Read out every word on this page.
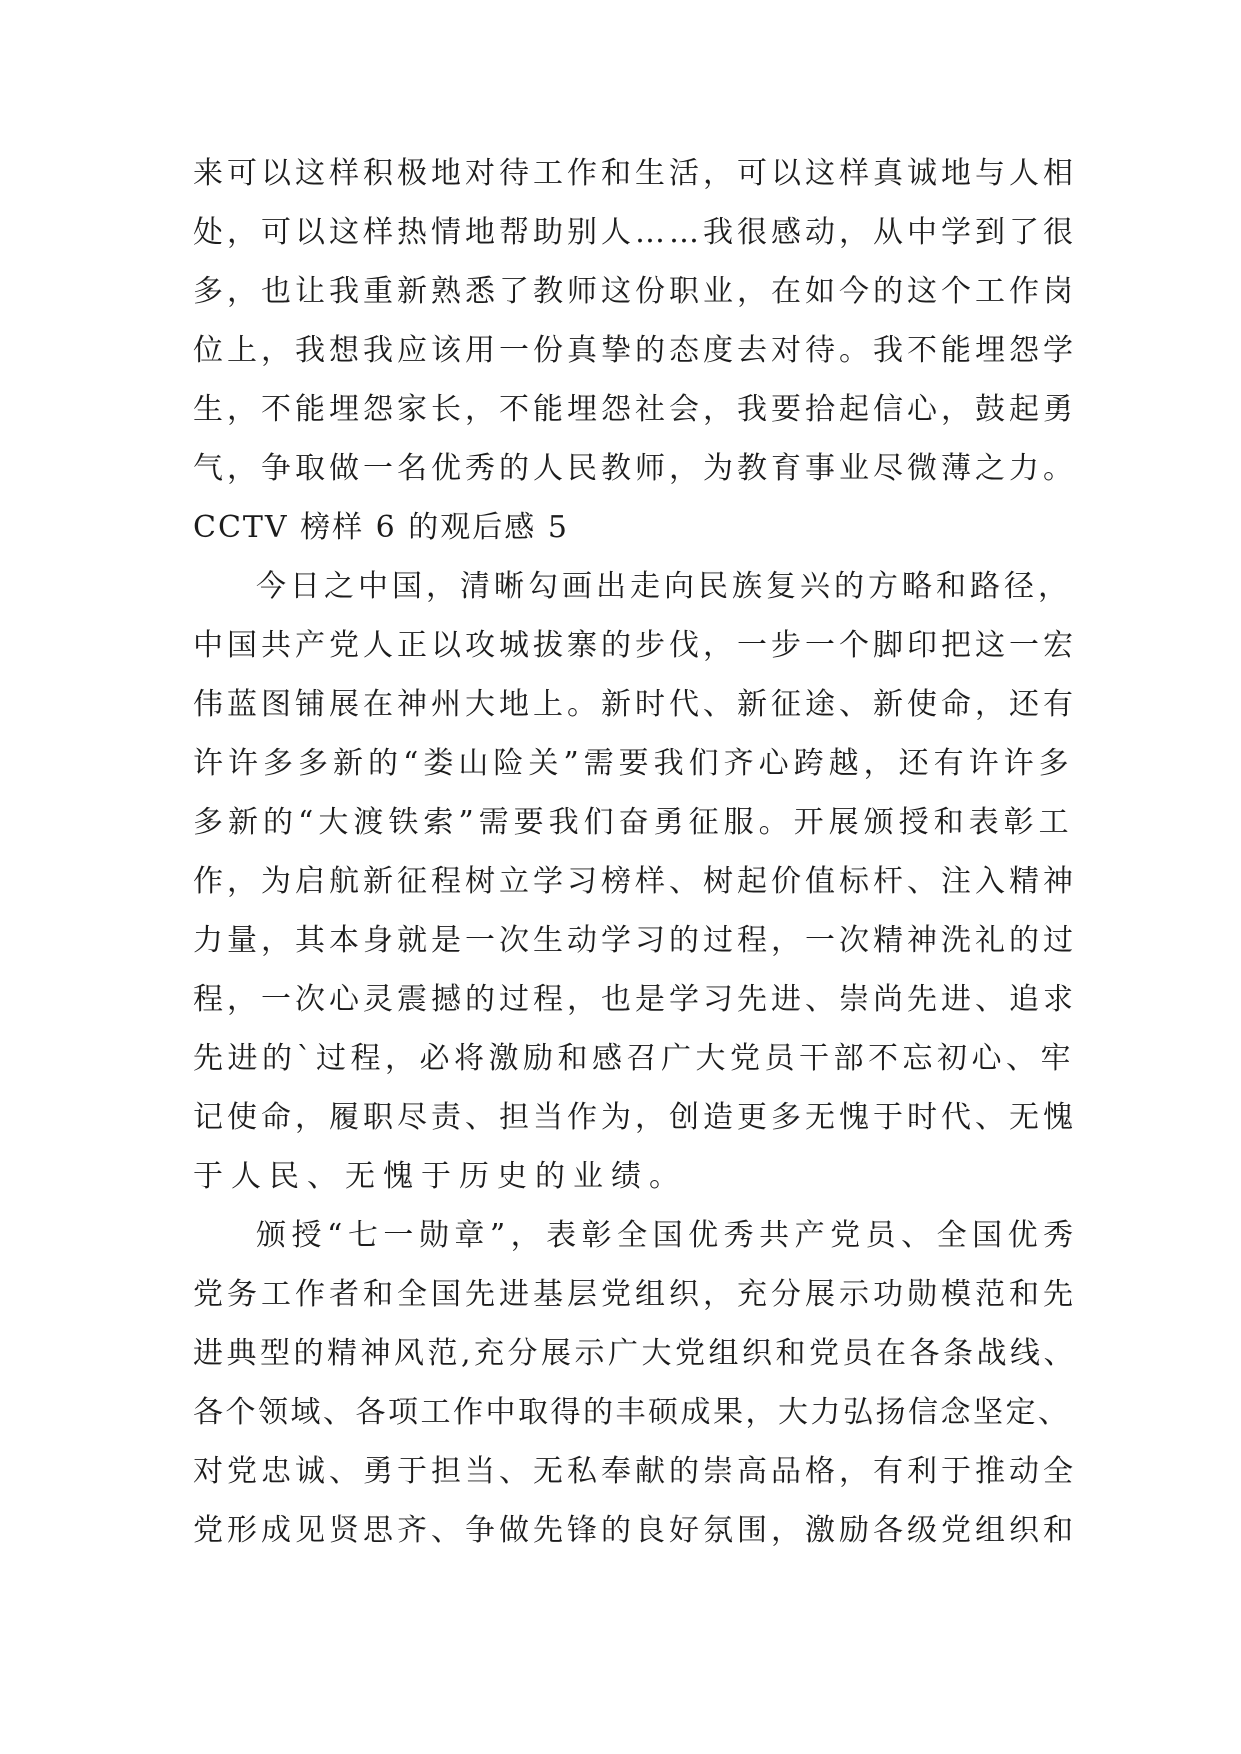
来可以这样积极地对待工作和生活，可以这样真诚地与人相
处，可以这样热情地帮助别人……我很感动，从中学到了很
多，也让我重新熟悉了教师这份职业，在如今的这个工作岗
位上，我想我应该用一份真挚的态度去对待。我不能埋怨学
生，不能埋怨家长，不能埋怨社会，我要拾起信心，鼓起勇
气，争取做一名优秀的人民教师，为教育事业尽微薄之力。
CCTV 榜样 6 的观后感 5
今日之中国，清晰勾画出走向民族复兴的方略和路径，
中国共产党人正以攻城拔寨的步伐，一步一个脚印把这一宏
伟蓝图铺展在神州大地上。新时代、新征途、新使命，还有
许许多多新的“娄山险关”需要我们齐心跨越，还有许许多
多新的“大渡铁索”需要我们奋勇征服。开展颁授和表彰工
作，为启航新征程树立学习榜样、树起价值标杆、注入精神
力量，其本身就是一次生动学习的过程，一次精神洗礼的过
程，一次心灵震撼的过程，也是学习先进、崇尚先进、追求
先进的`过程，必将激励和感召广大党员干部不忘初心、牢
记使命，履职尽责、担当作为，创造更多无愧于时代、无愧
于人民、无愧于历史的业绩。
颁授“七一勋章”，表彰全国优秀共产党员、全国优秀
党务工作者和全国先进基层党组织，充分展示功勋模范和先
进典型的精神风范,充分展示广大党组织和党员在各条战线、
各个领域、各项工作中取得的丰硕成果，大力弘扬信念坚定、
对党忠诚、勇于担当、无私奉献的崇高品格，有利于推动全
党形成见贤思齐、争做先锋的良好氛围，激励各级党组织和
